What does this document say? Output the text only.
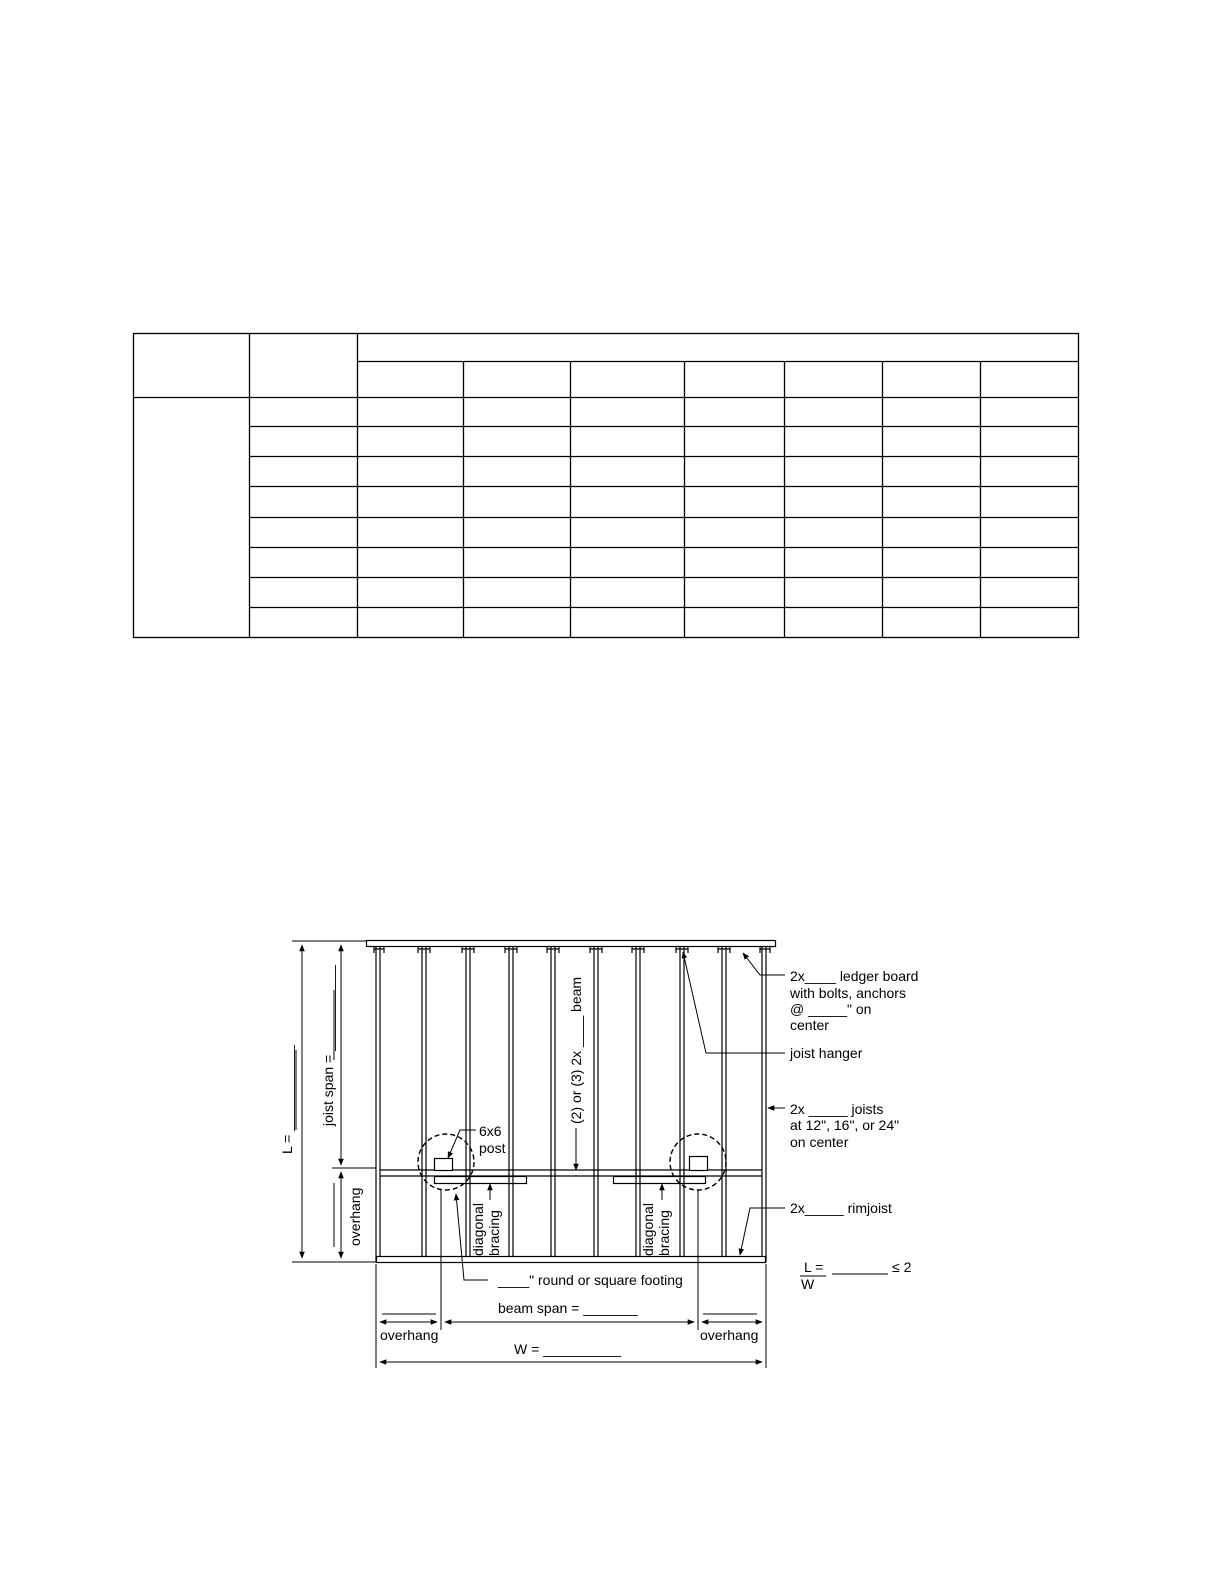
2x____ ledger board
with bolts, anchors
@ _____" on
center
joist hanger
2x _____ joists
at 12", 16", or 24"
on center
2x_____ rimjoist
L =
W
≤ 2
6x6
post
____" round or square footing
beam span = _______
overhang	overhang
W = __________
(2) or (3) 2x ____ beam
diagonal bracing	diagonal bracing
L = ___________ joist span = ___________
overhang
